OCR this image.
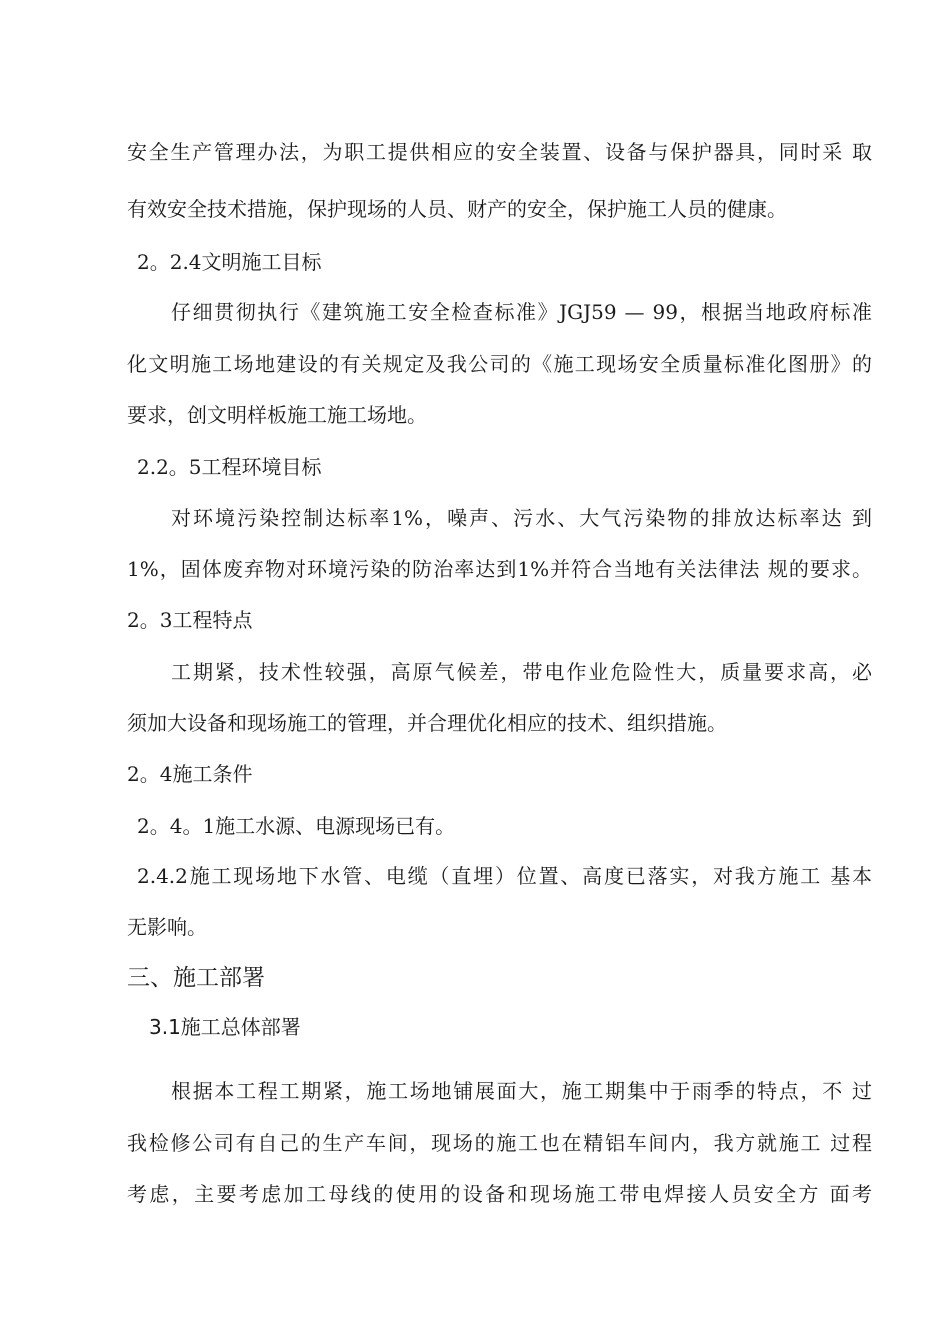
安全生产管理办法，为职工提供相应的安全装置、设备与保护器具，同时采 取
有效安全技术措施，保护现场的人员、财产的安全，保护施工人员的健康。
2。2.4文明施工目标
仔细贯彻执行《建筑施工安全检查标准》JGJ59 — 99，根据当地政府标准
化文明施工场地建设的有关规定及我公司的《施工现场安全质量标准化图册》的
要求，创文明样板施工施工场地。
2.2。5工程环境目标
对环境污染控制达标率1%，噪声、污水、大气污染物的排放达标率达 到
1%，固体废弃物对环境污染的防治率达到1%并符合当地有关法律法 规的要求。
2。3工程特点
工期紧，技术性较强，高原气候差，带电作业危险性大，质量要求高，必
须加大设备和现场施工的管理，并合理优化相应的技术、组织措施。
2。4施工条件
2。4。1施工水源、电源现场已有。
2.4.2施工现场地下水管、电缆（直埋）位置、高度已落实，对我方施工 基本
无影响。
三、施工部署
3.1施工总体部署
根据本工程工期紧，施工场地铺展面大，施工期集中于雨季的特点，不 过
我检修公司有自己的生产车间，现场的施工也在精铝车间内，我方就施工 过程
考虑，主要考虑加工母线的使用的设备和现场施工带电焊接人员安全方 面考
